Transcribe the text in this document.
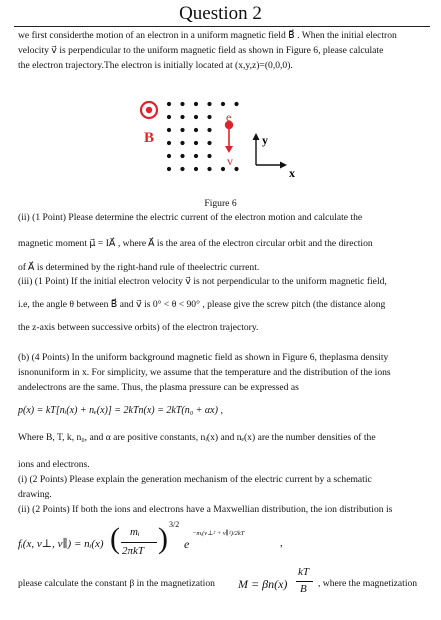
Question 2
we first considerthe motion of an electron in a uniform magnetic field B⃗ . When the initial electron
velocity v⃗ is perpendicular to the uniform magnetic field as shown in Figure 6, please calculate
the electron trajectory.The electron is initially located at (x,y,z)=(0,0,0).
B
e
v
y
x
Figure 6
(ii) (1 Point) Please determine the electric current of the electron motion and calculate the
magnetic moment μ⃗ = IA⃗ , where A⃗ is the area of the electron circular orbit and the direction
of A⃗ is determined by the right-hand rule of theelectric current.
(iii) (1 Point) If the initial electron velocity v⃗ is not perpendicular to the uniform magnetic field,
i.e, the angle θ between B⃗ and v⃗ is 0° < θ < 90° , please give the screw pitch (the distance along
the z-axis between successive orbits) of the electron trajectory.
(b) (4 Points) In the uniform background magnetic field as shown in Figure 6, theplasma density
isnonuniform in x. For simplicity, we assume that the temperature and the distribution of the ions
andelectrons are the same. Thus, the plasma pressure can be expressed as
p(x) = kT[nᵢ(x) + nₑ(x)] = 2kTn(x) = 2kT(n₀ + αx) ,
Where B, T, k, n₀, and α are positive constants, nᵢ(x) and nₑ(x) are the number densities of the
ions and electrons.
(i) (2 Points) Please explain the generation mechanism of the electric current by a schematic
drawing.
(ii) (2 Points) If both the ions and electrons have a Maxwellian distribution, the ion distribution is
fᵢ(x, v⊥, v∥) = nᵢ(x) ( mᵢ
2πkT ) 3/2
e
−mᵢ(v⊥² + v∥²)/2kT
,
please calculate the constant β in the magnetization M = βn(x)
kT
B , where the magnetization
